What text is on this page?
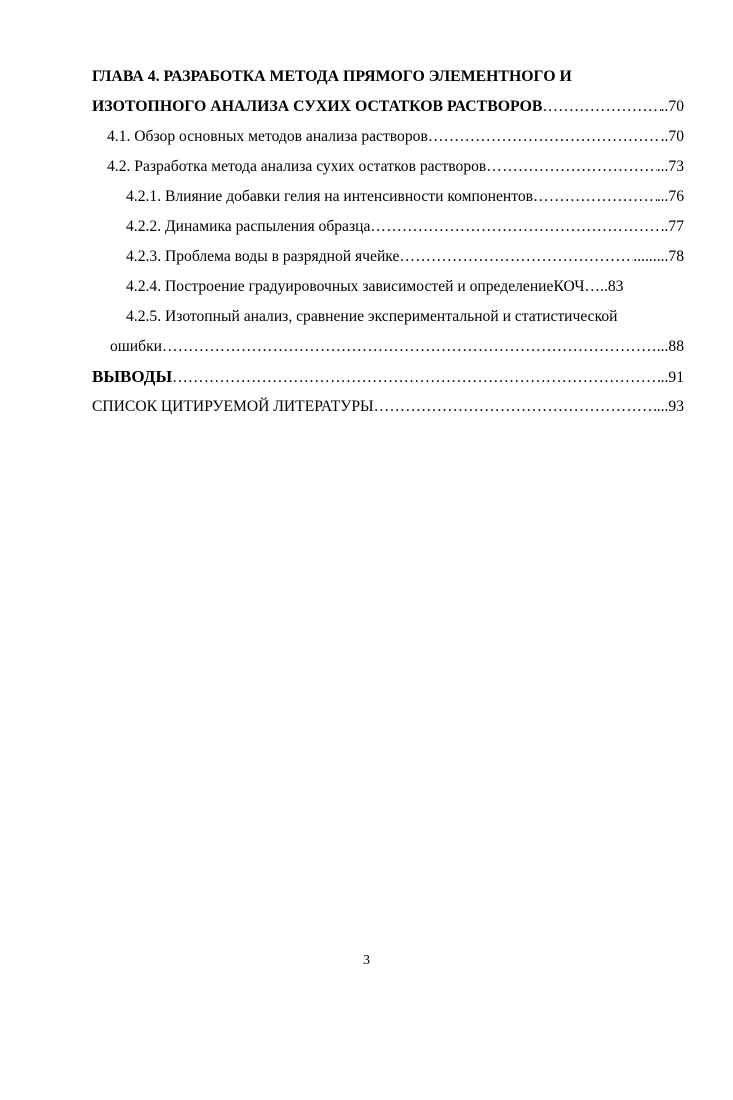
ГЛАВА 4. РАЗРАБОТКА МЕТОДА ПРЯМОГО ЭЛЕМЕНТНОГО И
ИЗОТОПНОГО АНАЛИЗА СУХИХ ОСТАТКОВ РАСТВОРОВ ……………………………………………………………………………………………………………………………………………………………………	..70
4.1. Обзор основных методов анализа растворов ……………………………………………………………………………………………………………………………………………………………………	..70
4.2. Разработка метода анализа сухих остатков растворов ……………………………………………………………………………………………………………………………………………………………………	...73
4.2.1. Влияние добавки гелия на интенсивности компонентов ……………………………………………………………………………………………………………………………………………………………………	...76
4.2.2. Динамика распыления образца ……………………………………………………………………………………………………………………………………………………………………	..77
4.2.3. Проблема воды в разрядной ячейке ……………………………………………………………………………………………………………………………………………………………………	.........78
4.2.4. Построение градуировочных зависимостей и определениеКОЧ …..83
4.2.5. Изотопный анализ, сравнение экспериментальной и статистической
ошибки ……………………………………………………………………………………………………………………………………………………………………	...88
ВЫВОДЫ ……………………………………………………………………………………………………………………………………………………………………	..91
СПИСОК ЦИТИРУЕМОЙ ЛИТЕРАТУРЫ ……………………………………………………………………………………………………………………………………………………………………	...93
3
